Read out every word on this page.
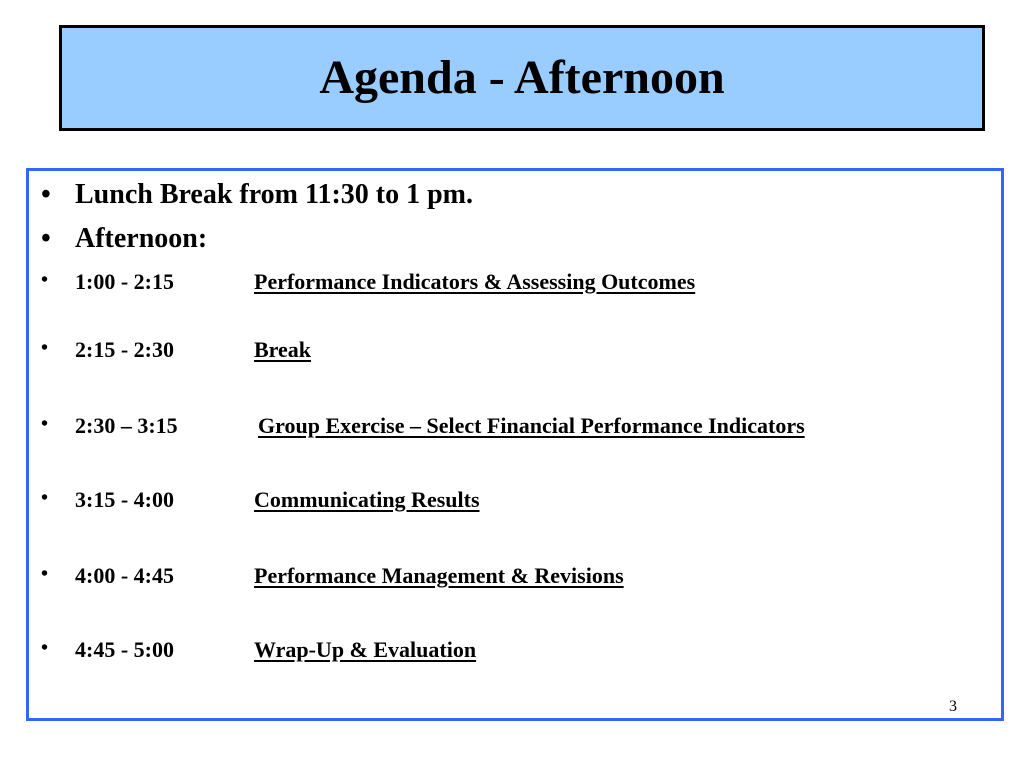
Agenda - Afternoon
• Lunch Break from 11:30 to 1 pm.
• Afternoon:
• 1:00 - 2:15	Performance Indicators & Assessing Outcomes
• 2:15 - 2:30	Break
• 2:30 – 3:15	Group Exercise – Select Financial Performance Indicators
• 3:15 - 4:00	Communicating Results
• 4:00 - 4:45	Performance Management & Revisions
• 4:45 - 5:00	Wrap-Up & Evaluation
3
